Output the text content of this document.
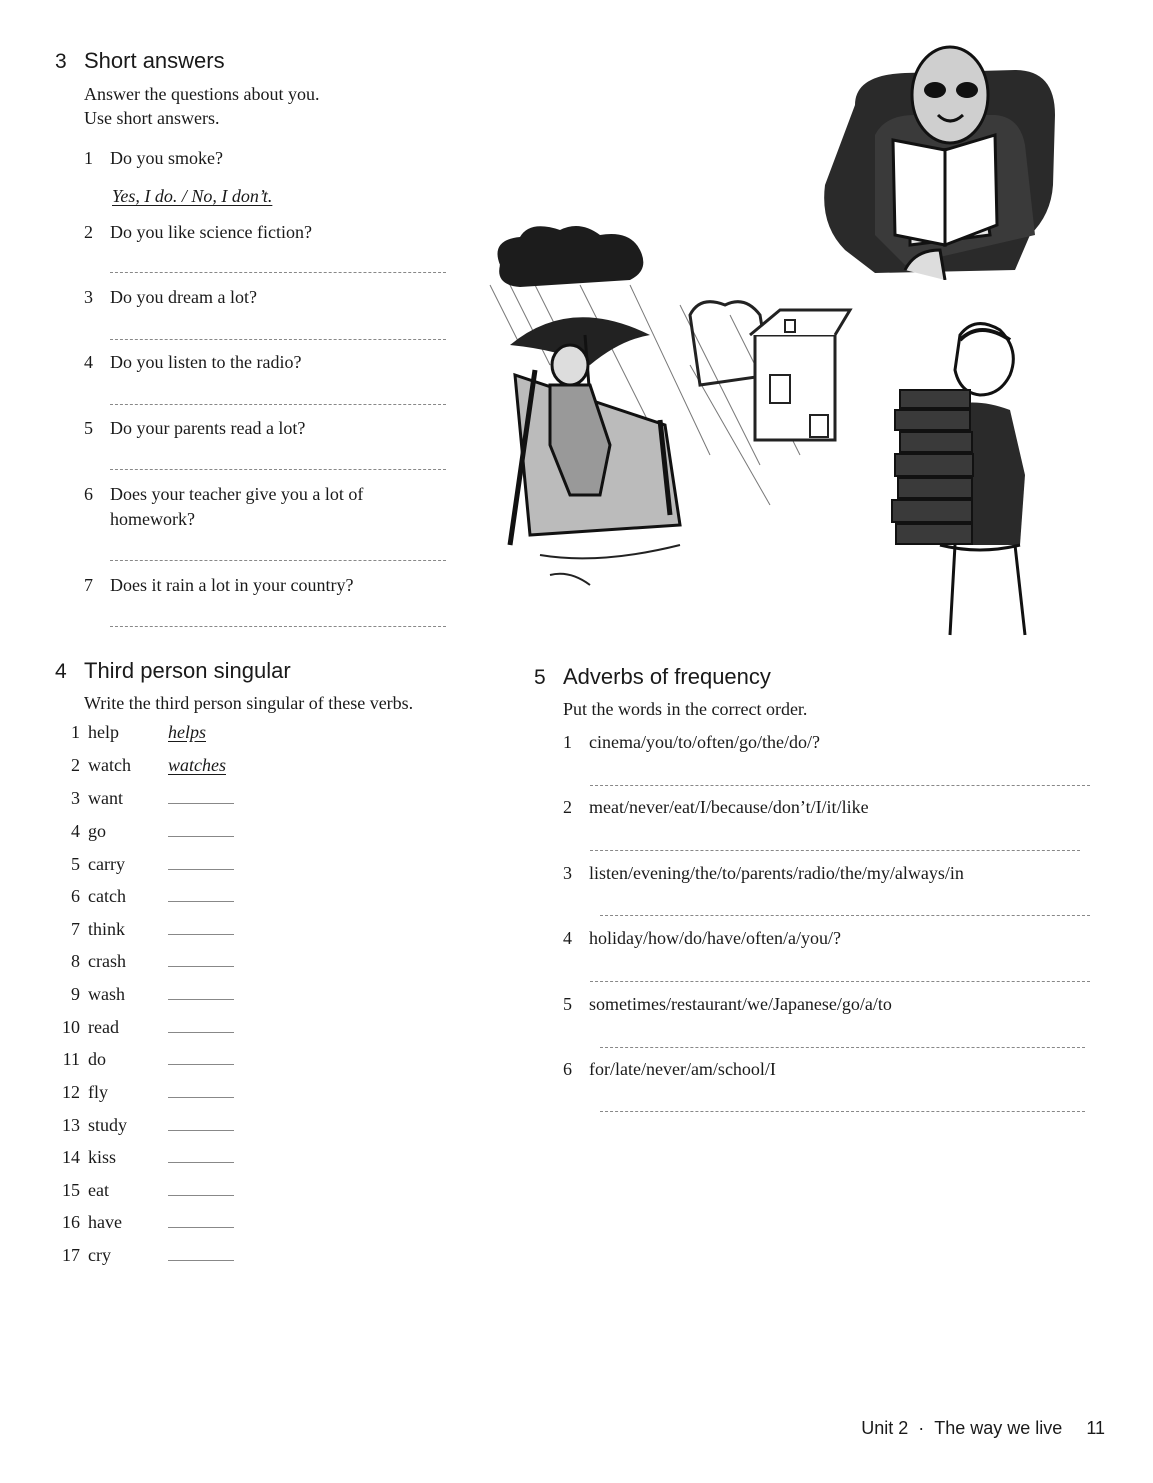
3 Short answers
Answer the questions about you.
Use short answers.
1 Do you smoke?
Yes, I do. / No, I don’t.
2 Do you like science fiction?
3 Do you dream a lot?
4 Do you listen to the radio?
5 Do your parents read a lot?
6 Does your teacher give you a lot of homework?
7 Does it rain a lot in your country?
4 Third person singular
Write the third person singular of these verbs.
1 help	helps
2 watch	watches
3 want
4 go
5 carry
6 catch
7 think
8 crash
9 wash
10 read
11 do
12 fly
13 study
14 kiss
15 eat
16 have
17 cry
5 Adverbs of frequency
Put the words in the correct order.
1 cinema/you/to/often/go/the/do/?
2 meat/never/eat/I/because/don’t/I/it/like
3 listen/evening/the/to/parents/radio/the/my/always/in
4 holiday/how/do/have/often/a/you/?
5 sometimes/restaurant/we/Japanese/go/a/to
6 for/late/never/am/school/I
Unit 2 · The way we live 11
